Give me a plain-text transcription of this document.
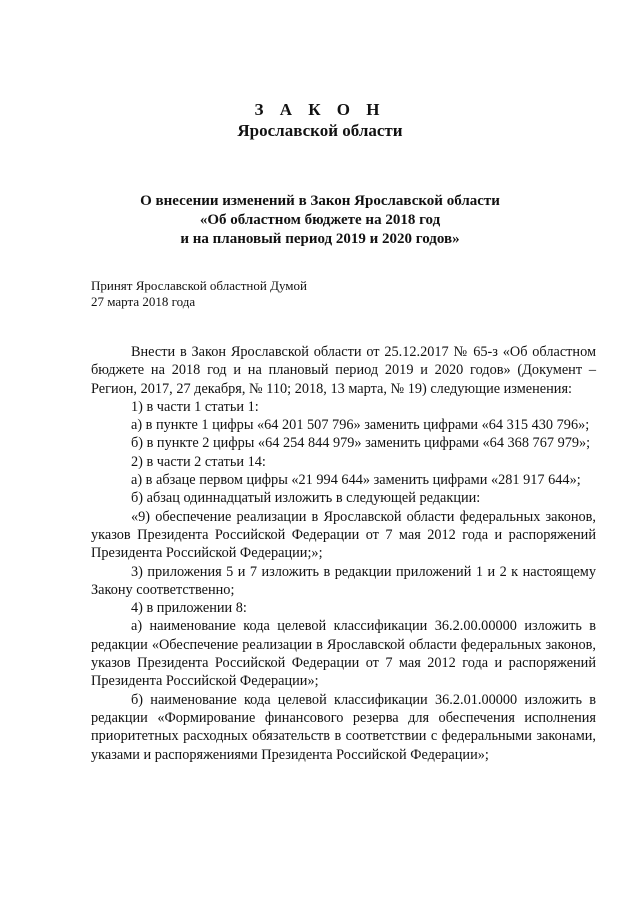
З А К О Н
Ярославской области
О внесении изменений в Закон Ярославской области
«Об областном бюджете на 2018 год
и на плановый период 2019 и 2020 годов»
Принят Ярославской областной Думой
27 марта 2018 года

Внести в Закон Ярославской области от 25.12.2017 № 65-з «Об областном бюджете на 2018 год и на плановый период 2019 и 2020 годов» (Документ – Регион, 2017, 27 декабря, № 110; 2018, 13 марта, № 19) следующие изменения:

1) в части 1 статьи 1:

а) в пункте 1 цифры «64 201 507 796» заменить цифрами «64 315 430 796»;

б) в пункте 2 цифры «64 254 844 979» заменить цифрами «64 368 767 979»;

2) в части 2 статьи 14:

а) в абзаце первом цифры «21 994 644» заменить цифрами «281 917 644»;

б) абзац одиннадцатый изложить в следующей редакции:

«9) обеспечение реализации в Ярославской области федеральных законов, указов Президента Российской Федерации от 7 мая 2012 года и распоряжений Президента Российской Федерации;»;

3) приложения 5 и 7 изложить в редакции приложений 1 и 2 к настоящему Закону соответственно;

4) в приложении 8:

а) наименование кода целевой классификации 36.2.00.00000 изложить в редакции «Обеспечение реализации в Ярославской области федеральных законов, указов Президента Российской Федерации от 7 мая 2012 года и распоряжений Президента Российской Федерации»;

б) наименование кода целевой классификации 36.2.01.00000 изложить в редакции «Формирование финансового резерва для обеспечения исполнения приоритетных расходных обязательств в соответствии с федеральными законами, указами и распоряжениями Президента Российской Федерации»;
